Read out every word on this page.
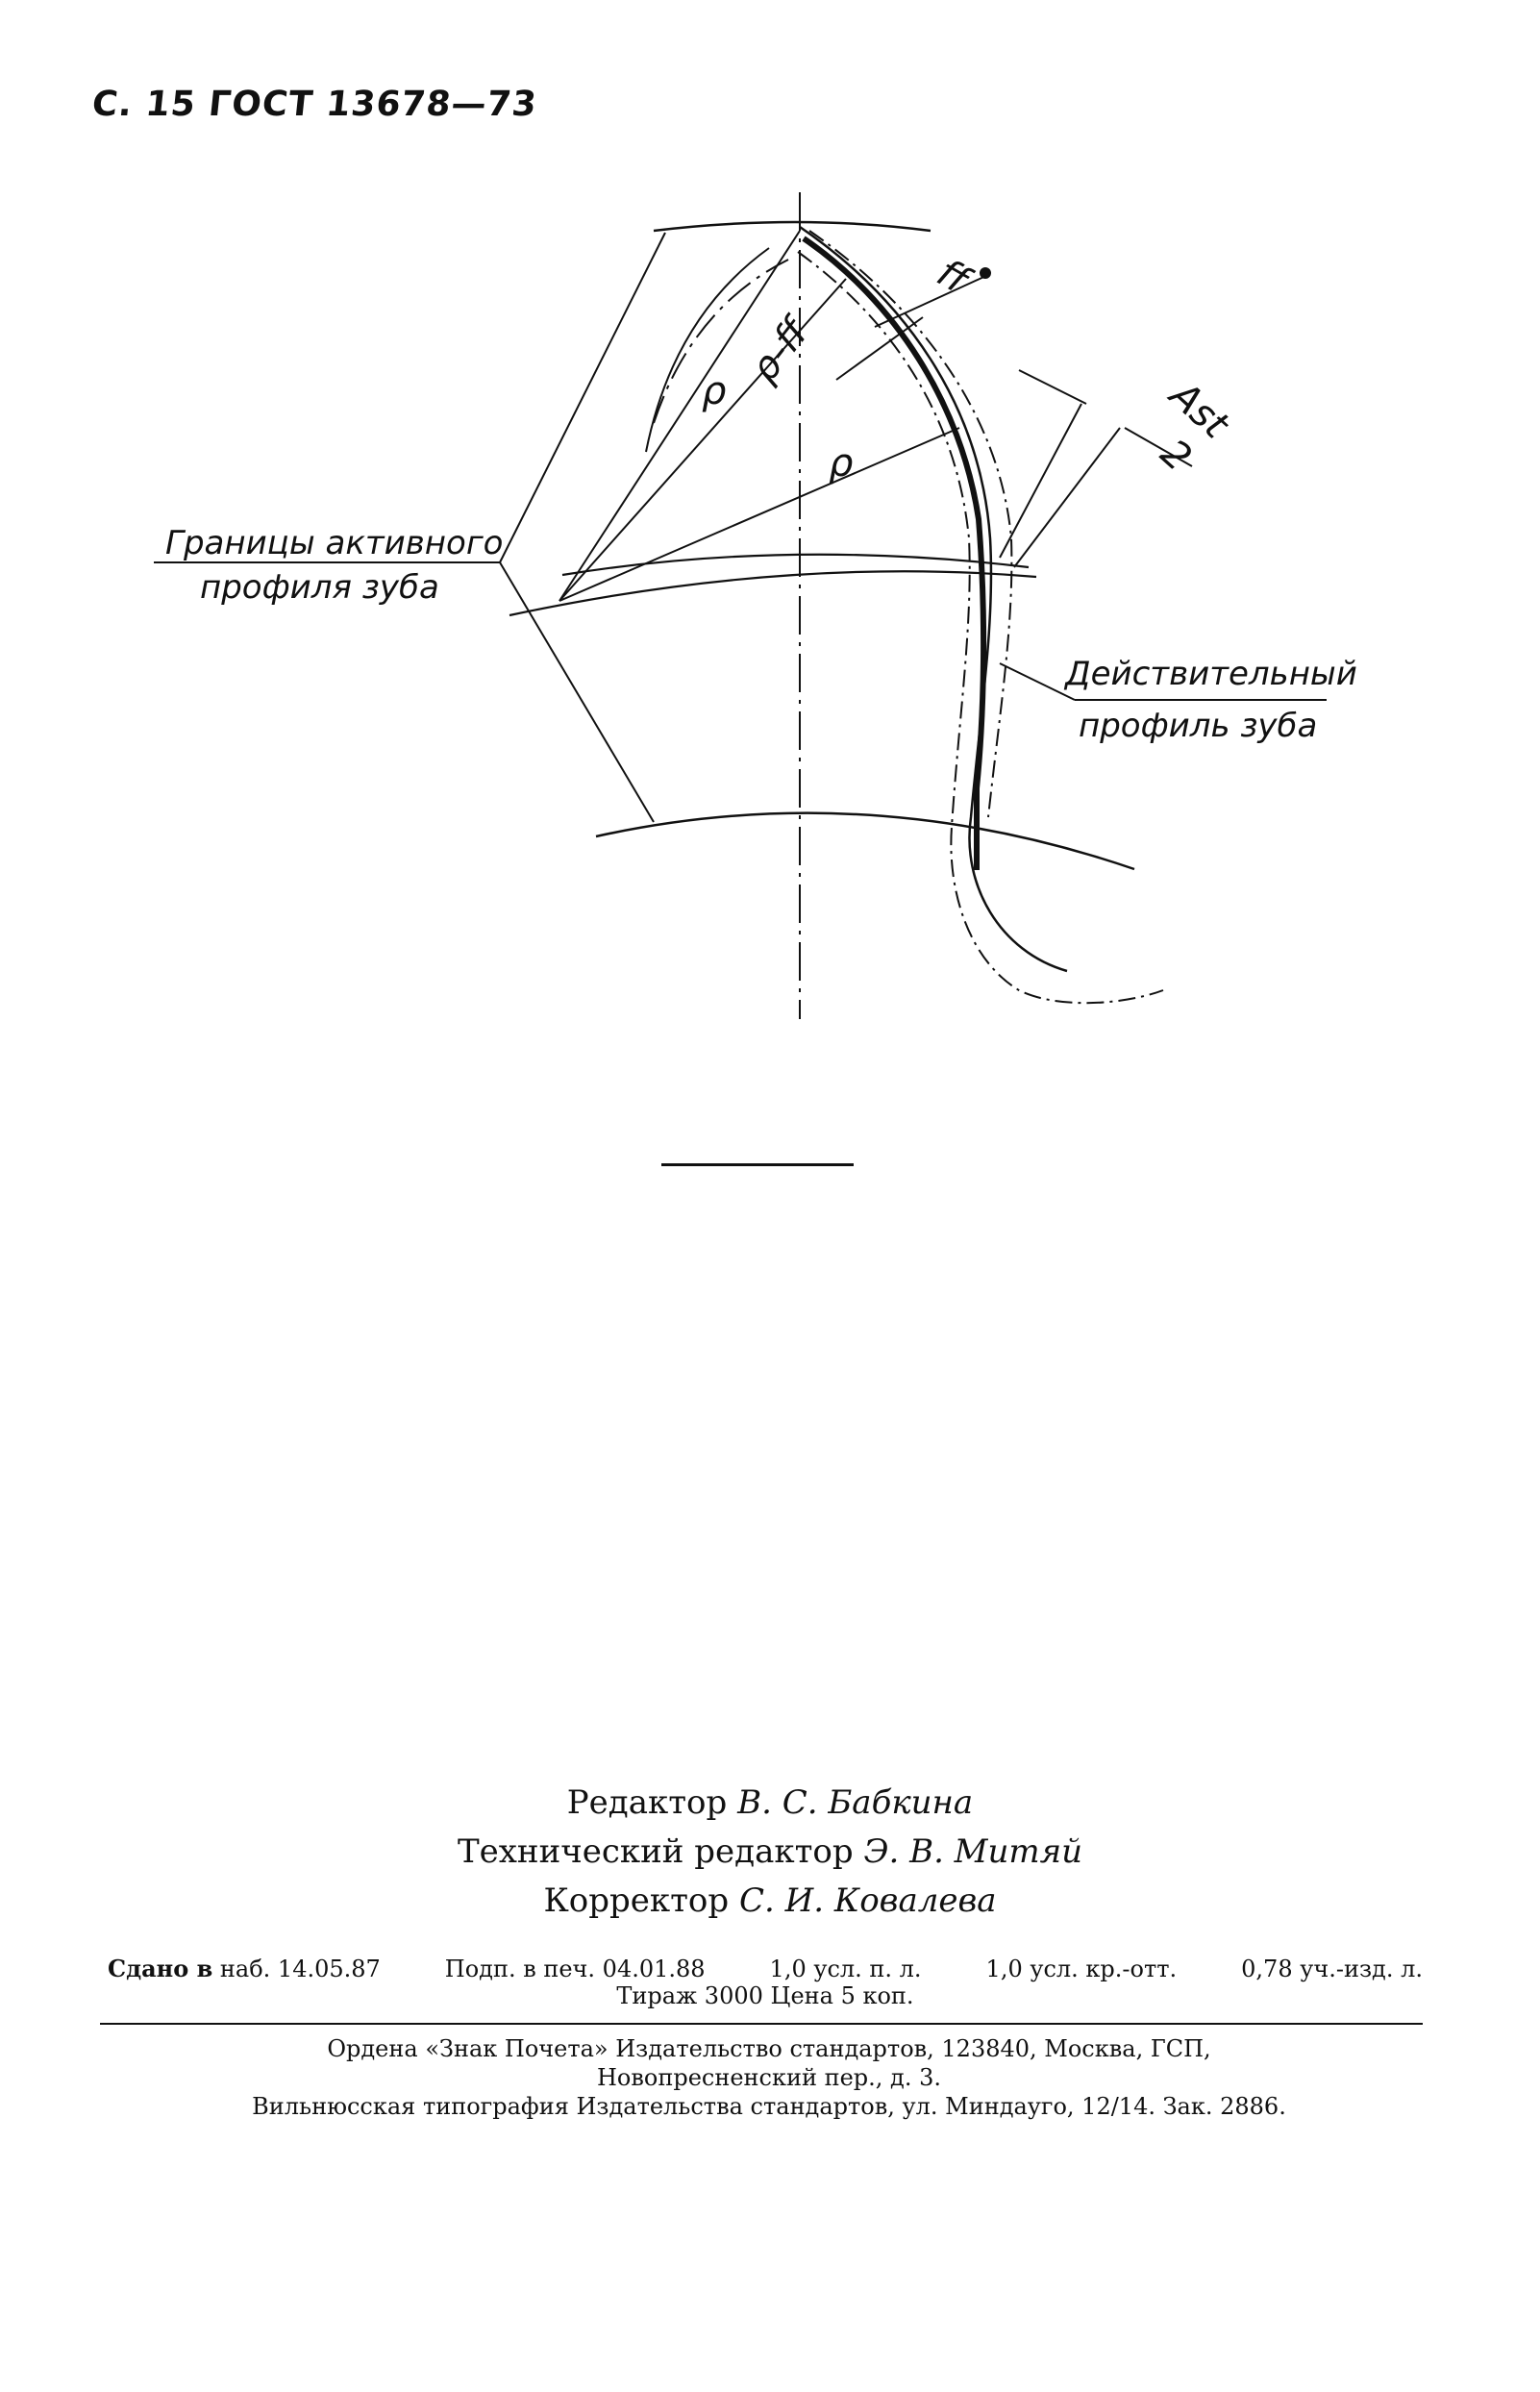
С. 15 ГОСТ 13678—73
ρ
ρ-ff
ρ
ff
Ast
2
Границы активного
профиля зуба
Действительный
профиль зуба
Редактор В. С. Бабкина
Технический редактор Э. В. Митяй
Корректор С. И. Ковалева
Сдано в наб. 14.05.87	Подп. в печ. 04.01.88	1,0 усл. п. л.	1,0 усл. кр.-отт.	0,78 уч.-изд. л.
Тираж 3000 Цена 5 коп.
Ордена «Знак Почета» Издательство стандартов, 123840, Москва, ГСП,
Новопресненский пер., д. 3.
Вильнюсская типография Издательства стандартов, ул. Миндауго, 12/14. Зак. 2886.
